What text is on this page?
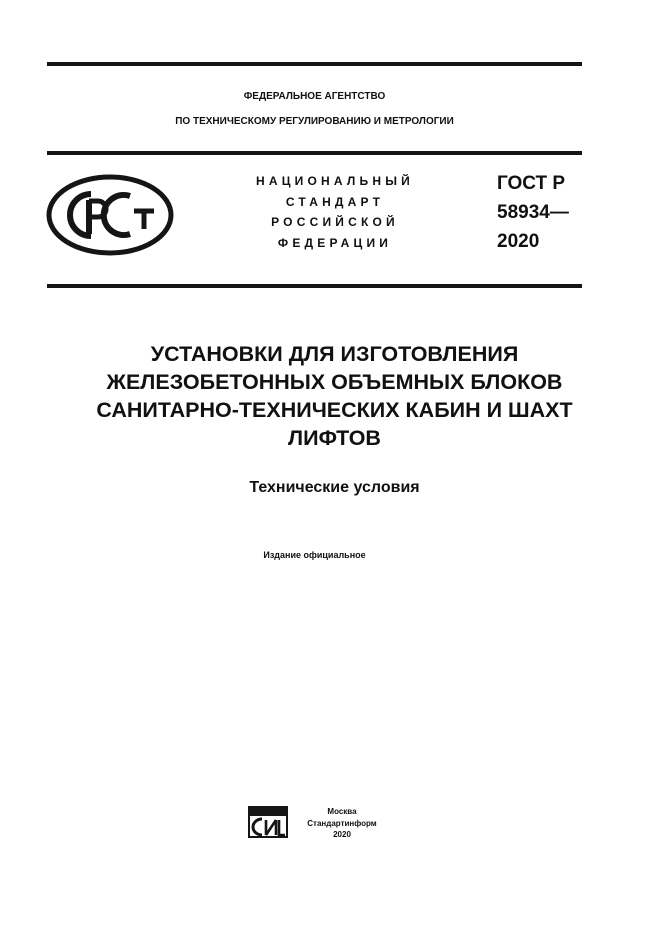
ФЕДЕРАЛЬНОЕ АГЕНТСТВО
ПО ТЕХНИЧЕСКОМУ РЕГУЛИРОВАНИЮ И МЕТРОЛОГИИ
НАЦИОНАЛЬНЫЙ
СТАНДАРТ
РОССИЙСКОЙ
ФЕДЕРАЦИИ
ГОСТ Р
58934—
2020
УСТАНОВКИ ДЛЯ ИЗГОТОВЛЕНИЯ
ЖЕЛЕЗОБЕТОННЫХ ОБЪЕМНЫХ БЛОКОВ
САНИТАРНО-ТЕХНИЧЕСКИХ КАБИН И ШАХТ
ЛИФТОВ
Технические условия
Издание официальное
Москва
Стандартинформ
2020
